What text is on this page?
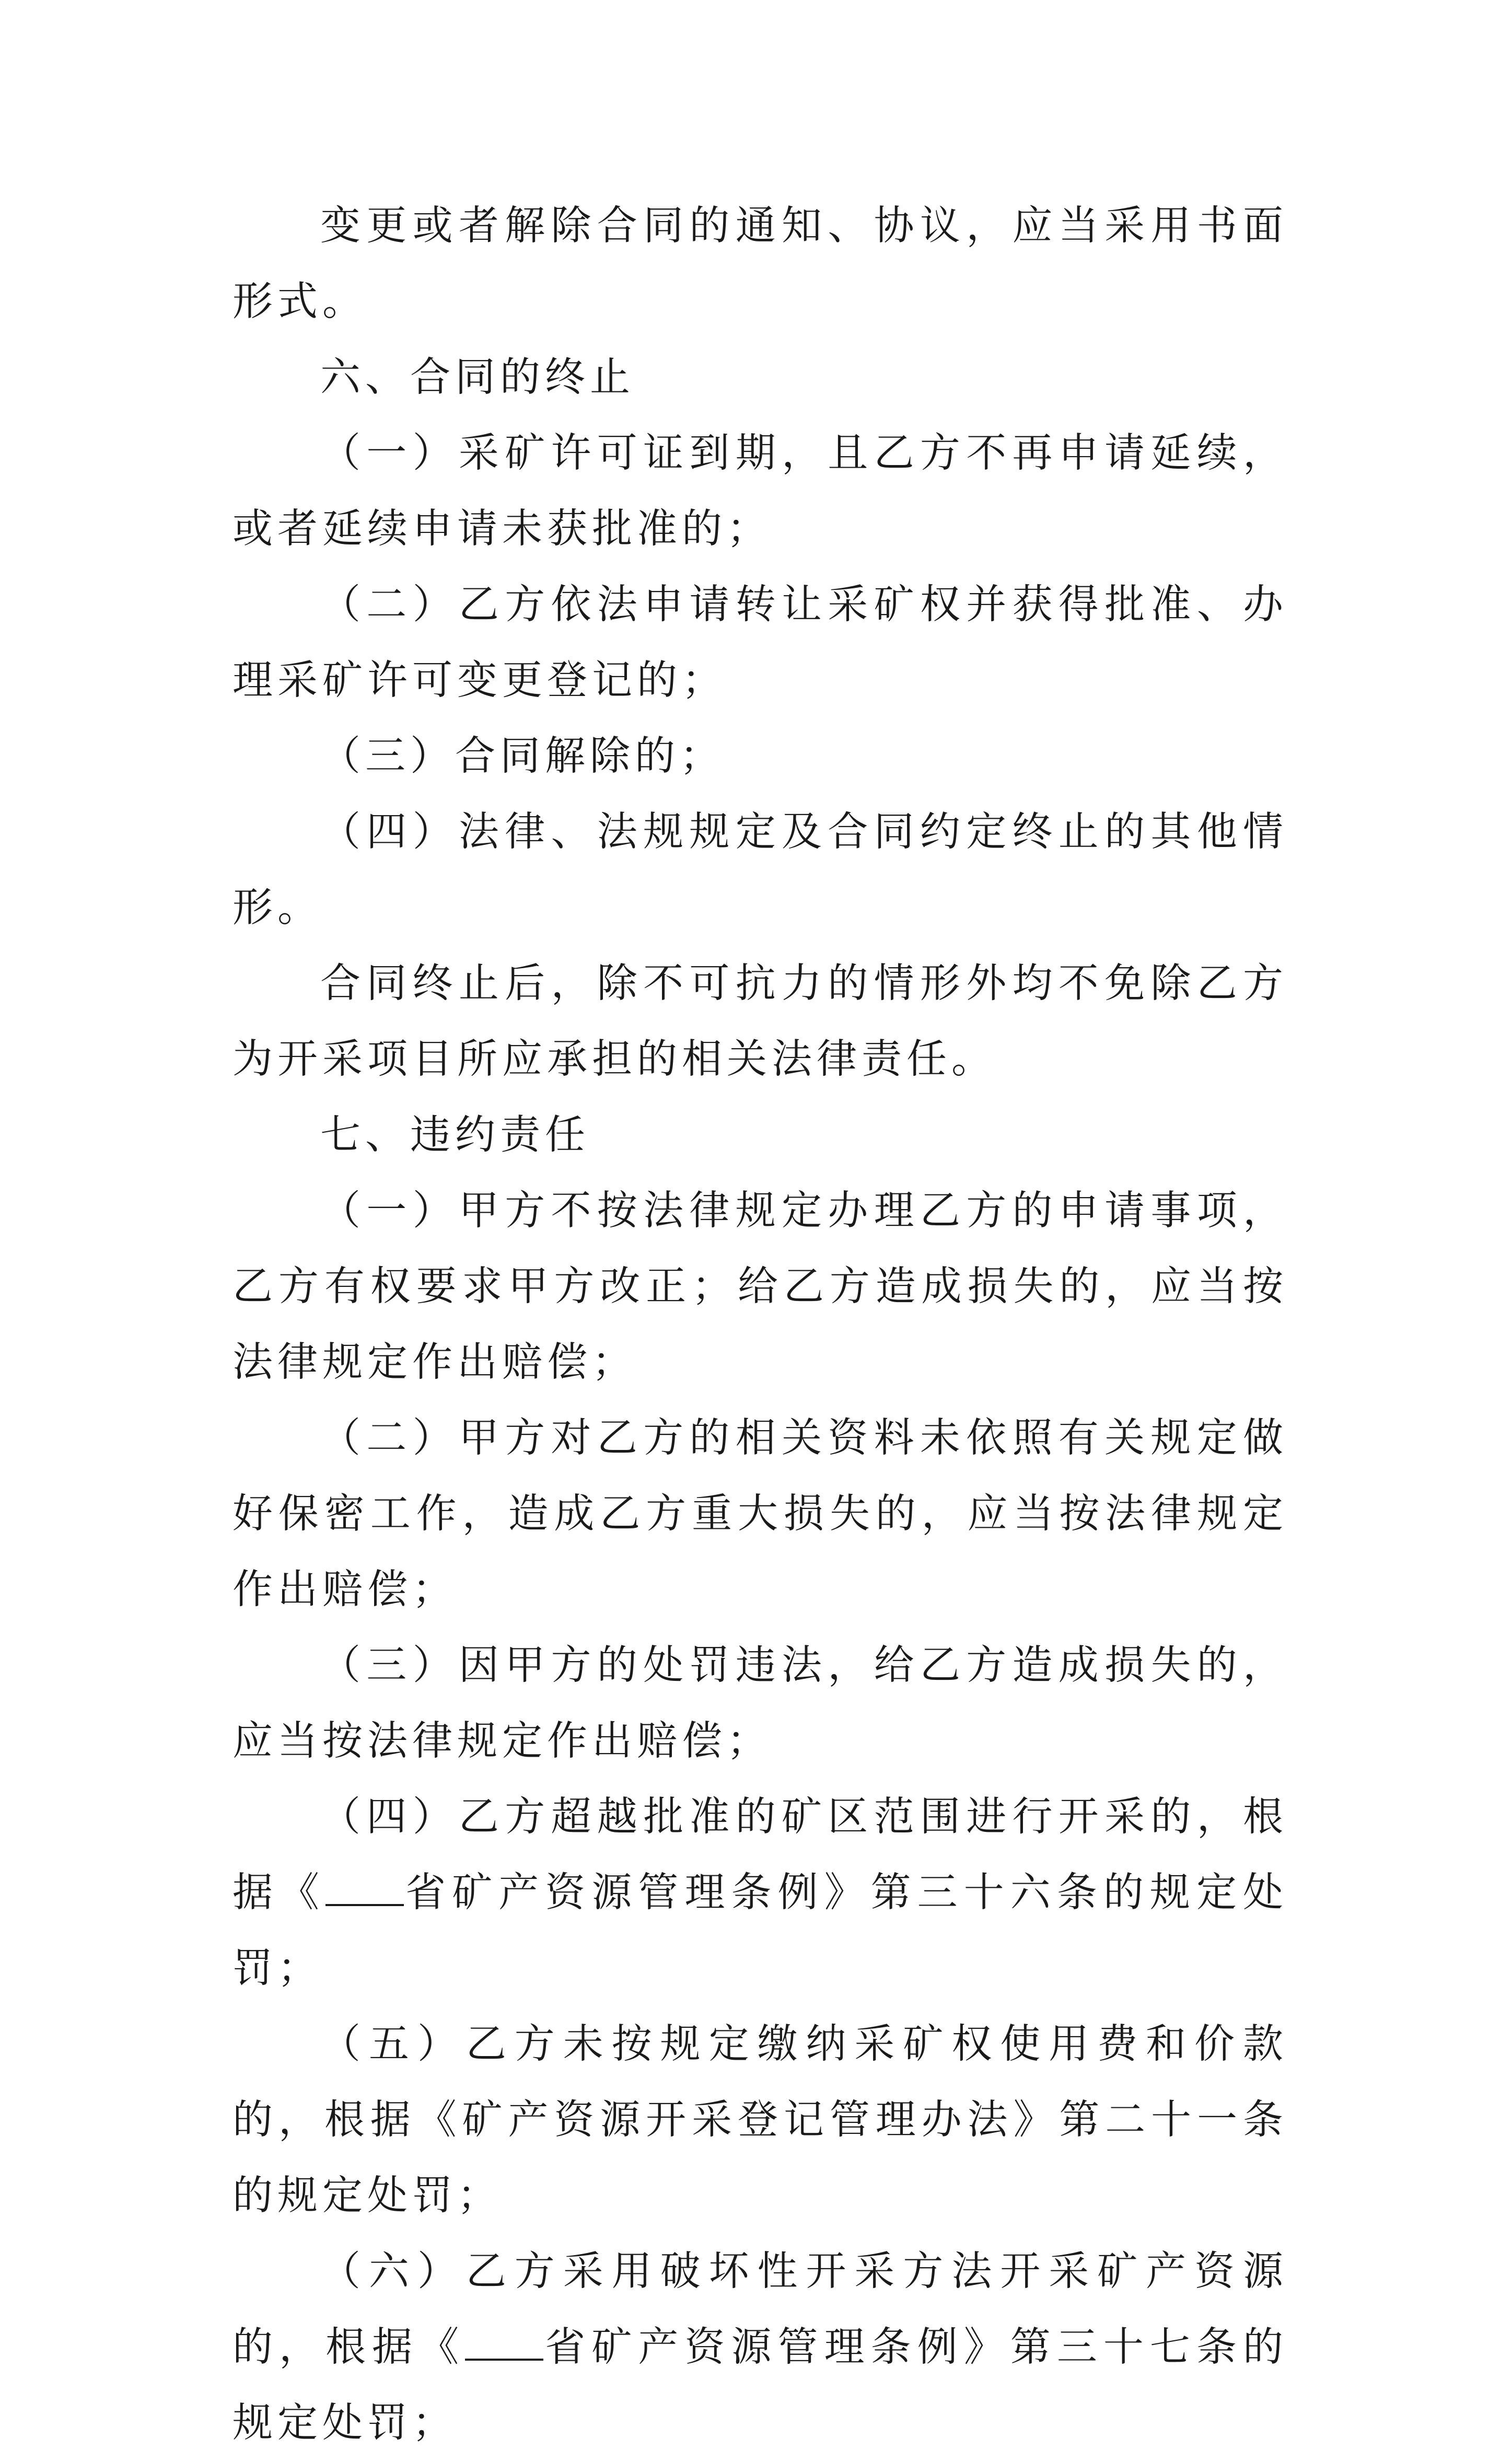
变更或者解除合同的通知、协议，应当采用书面形式。

六、合同的终止

（一）采矿许可证到期，且乙方不再申请延续，或者延续申请未获批准的；

（二）乙方依法申请转让采矿权并获得批准、办理采矿许可变更登记的；

（三）合同解除的；

（四）法律、法规规定及合同约定终止的其他情形。

合同终止后，除不可抗力的情形外均不免除乙方为开采项目所应承担的相关法律责任。

七、违约责任

（一）甲方不按法律规定办理乙方的申请事项，乙方有权要求甲方改正；给乙方造成损失的，应当按法律规定作出赔偿；

（二）甲方对乙方的相关资料未依照有关规定做好保密工作，造成乙方重大损失的，应当按法律规定作出赔偿；

（三）因甲方的处罚违法，给乙方造成损失的，应当按法律规定作出赔偿；

（四）乙方超越批准的矿区范围进行开采的，根据《 省矿产资源管理条例》第三十六条的规定处罚；

（五）乙方未按规定缴纳采矿权使用费和价款的，根据《矿产资源开采登记管理办法》第二十一条的规定处罚；

（六）乙方采用破坏性开采方法开采矿产资源的，根据《 省矿产资源管理条例》第三十七条的规定处罚；
